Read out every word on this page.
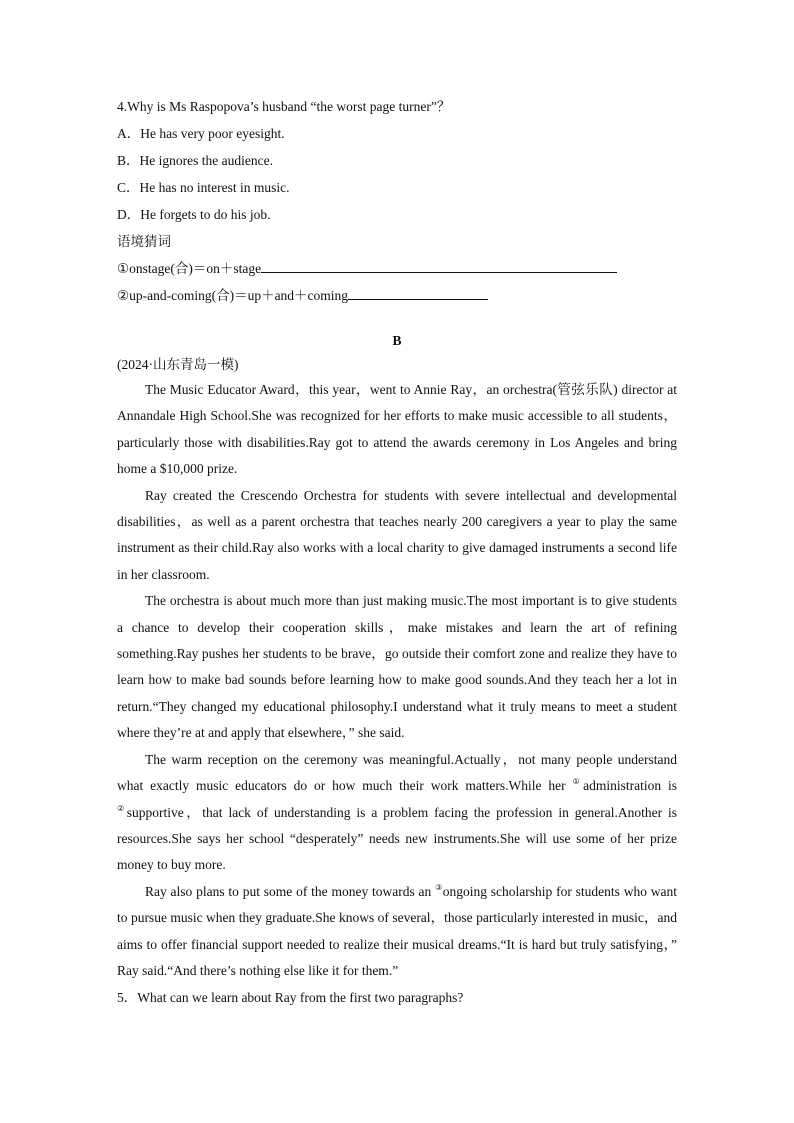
4.Why is Ms Raspopova’s husband “the worst page turner”？
A．He has very poor eyesight.
B．He ignores the audience.
C．He has no interest in music.
D．He forgets to do his job.
语境猜词
①onstage(合)＝on＋stage
②up-and-coming(合)＝up＋and＋coming
B
(2024·山东青岛一模)

The Music Educator Award，this year，went to Annie Ray，an orchestra(管弦乐队) director at Annandale High School.She was recognized for her efforts to make music accessible to all students，particularly those with disabilities.Ray got to attend the awards ceremony in Los Angeles and bring home a $10,000 prize.

Ray created the Crescendo Orchestra for students with severe intellectual and developmental disabilities，as well as a parent orchestra that teaches nearly 200 caregivers a year to play the same instrument as their child.Ray also works with a local charity to give damaged instruments a second life in her classroom.

The orchestra is about much more than just making music.The most important is to give students a chance to develop their cooperation skills，make mistakes and learn the art of refining something.Ray pushes her students to be brave，go outside their comfort zone and realize they have to learn how to make bad sounds before learning how to make good sounds.And they teach her a lot in return.“They changed my educational philosophy.I understand what it truly means to meet a student where they’re at and apply that elsewhere，” she said.

The warm reception on the ceremony was meaningful.Actually，not many people understand what exactly music educators do or how much their work matters.While her ①administration is ②supportive，that lack of understanding is a problem facing the profession in general.Another is resources.She says her school “desperately” needs new instruments.She will use some of her prize money to buy more.

Ray also plans to put some of the money towards an ③ongoing scholarship for students who want to pursue music when they graduate.She knows of several，those particularly interested in music，and aims to offer financial support needed to realize their musical dreams.“It is hard but truly satisfying，” Ray said.“And there’s nothing else like it for them.”

5．What can we learn about Ray from the first two paragraphs?
